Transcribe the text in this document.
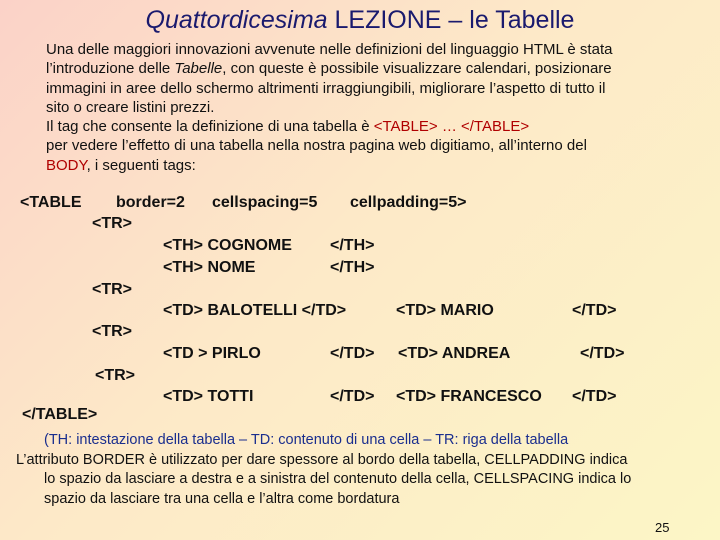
Quattordicesima LEZIONE – le Tabelle

Una delle maggiori innovazioni avvenute nelle definizioni del linguaggio HTML è stata

l’introduzione delle Tabelle, con queste è possibile visualizzare calendari, posizionare

immagini in aree dello schermo altrimenti irraggiungibili, migliorare l’aspetto di tutto il

sito o creare listini prezzi.

Il tag che consente la definizione di una tabella è <TABLE> … </TABLE>

per vedere l’effetto di una tabella nella nostra pagina web digitiamo, all’interno del

BODY, i seguenti tags:

<TABLE border=2 cellspacing=5 cellpadding=5>
<TR>
<TH> COGNOME </TH>
<TH> NOME	</TH>
<TR>
<TD> BALOTELLI </TD>	<TD> MARIO	</TD>
<TR>
<TD > PIRLO	</TD> <TD> ANDREA	</TD>
<TR>
<TD> TOTTI	</TD> <TD> FRANCESCO </TD>
</TABLE>
(TH: intestazione della tabella – TD: contenuto di una cella – TR: riga della tabella
L’attributo BORDER è utilizzato per dare spessore al bordo della tabella, CELLPADDING indica
lo spazio da lasciare a destra e a sinistra del contenuto della cella, CELLSPACING indica lo
spazio da lasciare tra una cella e l’altra come bordatura
25
